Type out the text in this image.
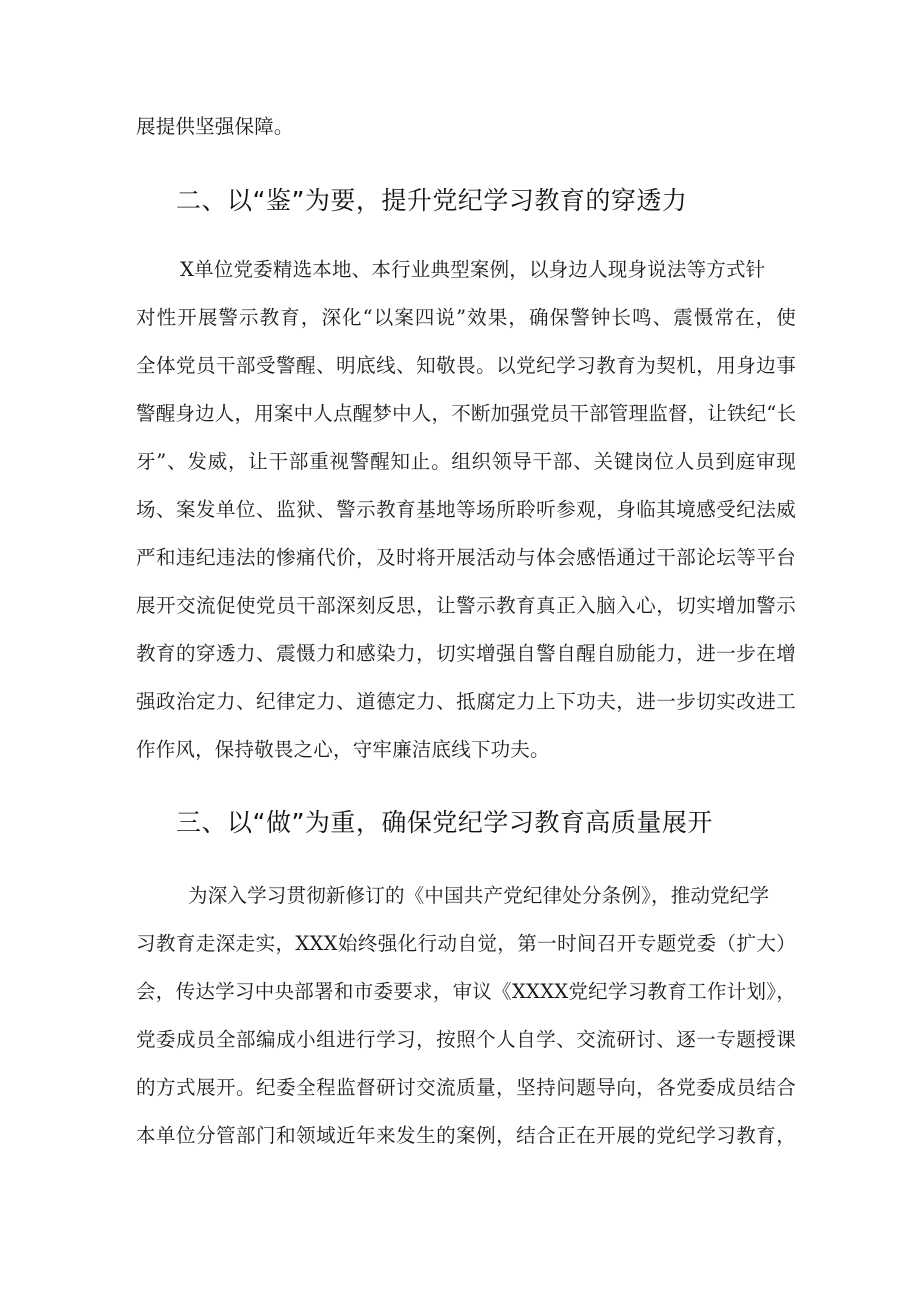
展提供坚强保障。
二、以“鉴”为要，提升党纪学习教育的穿透力
X单位党委精选本地、本行业典型案例，以身边人现身说法等方式针
对性开展警示教育，深化“以案四说”效果，确保警钟长鸣、震慑常在，使
全体党员干部受警醒、明底线、知敬畏。以党纪学习教育为契机，用身边事
警醒身边人，用案中人点醒梦中人，不断加强党员干部管理监督，让铁纪“长
牙”、发威，让干部重视警醒知止。组织领导干部、关键岗位人员到庭审现
场、案发单位、监狱、警示教育基地等场所聆听参观，身临其境感受纪法威
严和违纪违法的惨痛代价，及时将开展活动与体会感悟通过干部论坛等平台
展开交流促使党员干部深刻反思，让警示教育真正入脑入心，切实增加警示
教育的穿透力、震慑力和感染力，切实增强自警自醒自励能力，进一步在增
强政治定力、纪律定力、道德定力、抵腐定力上下功夫，进一步切实改进工
作作风，保持敬畏之心，守牢廉洁底线下功夫。
三、以“做”为重，确保党纪学习教育高质量展开
为深入学习贯彻新修订的《中国共产党纪律处分条例》，推动党纪学
习教育走深走实，XXX始终强化行动自觉，第一时间召开专题党委（扩大）
会，传达学习中央部署和市委要求，审议《XXXX党纪学习教育工作计划》，
党委成员全部编成小组进行学习，按照个人自学、交流研讨、逐一专题授课
的方式展开。纪委全程监督研讨交流质量，坚持问题导向，各党委成员结合
本单位分管部门和领域近年来发生的案例，结合正在开展的党纪学习教育，
